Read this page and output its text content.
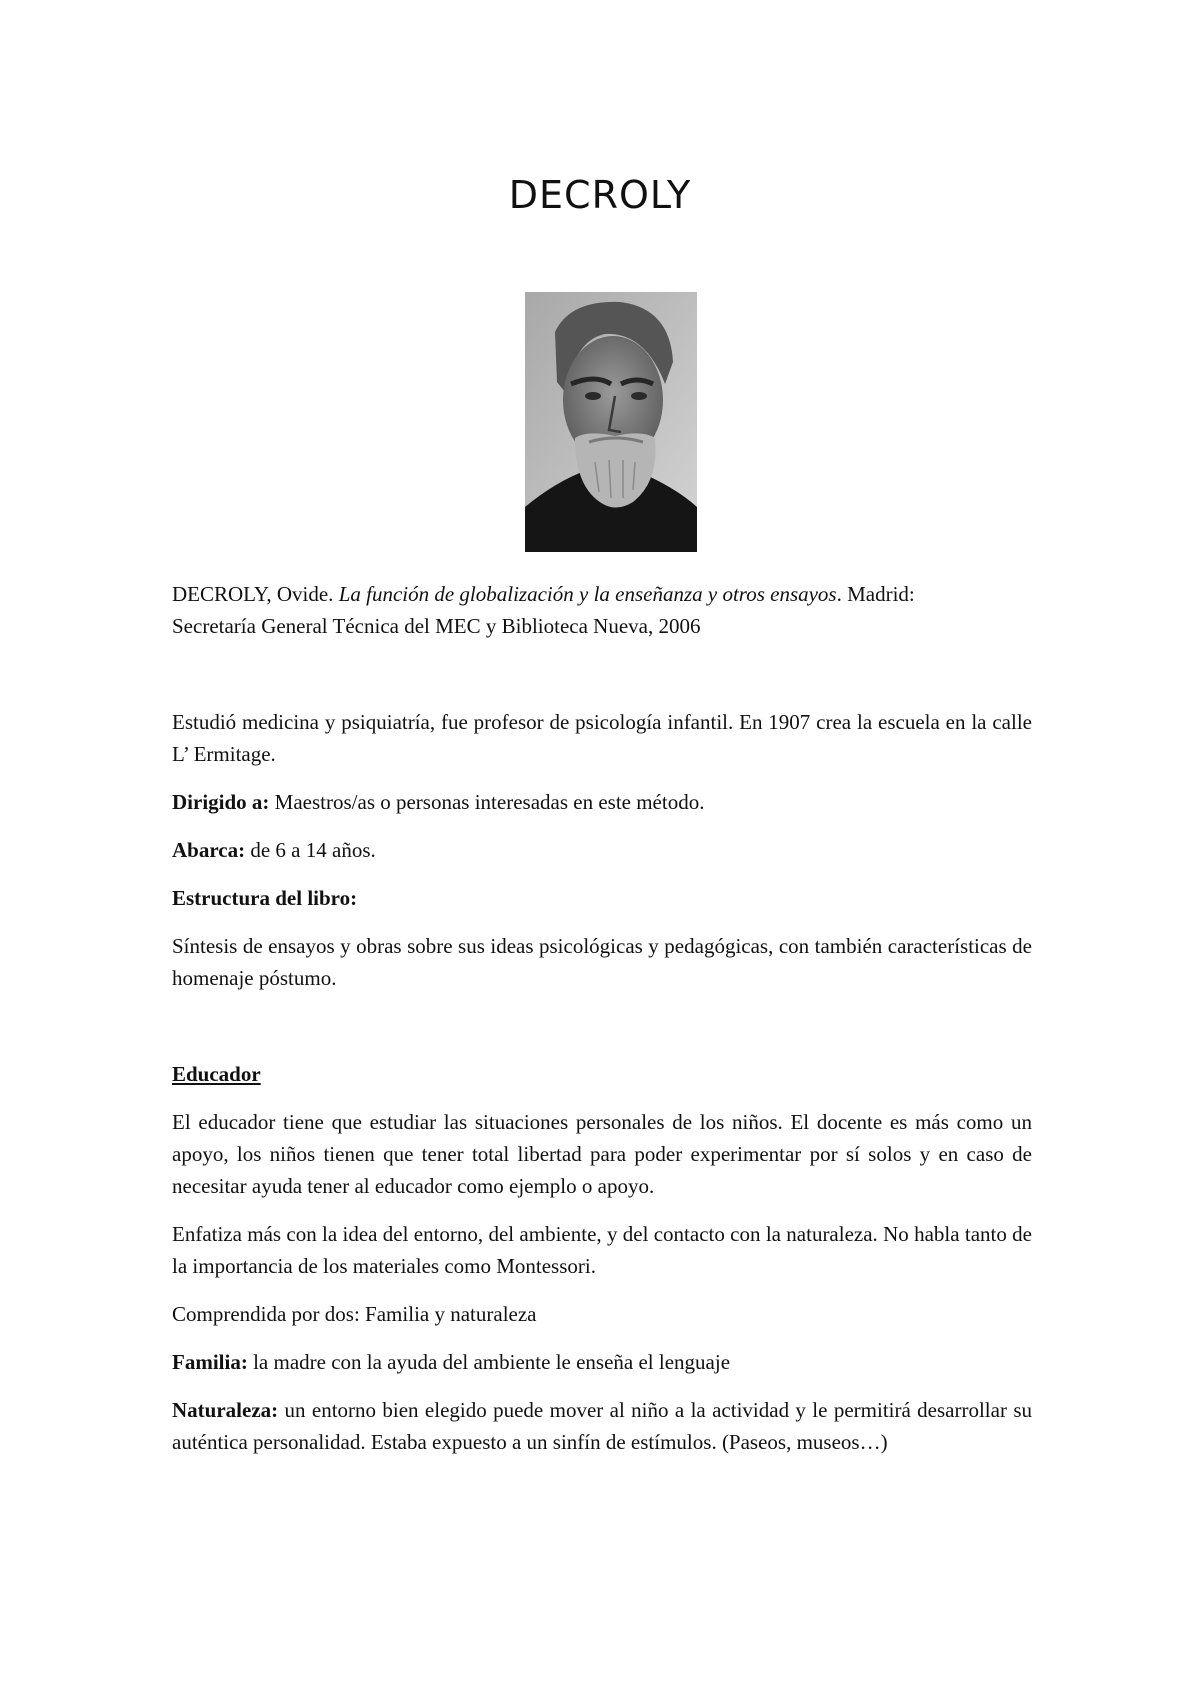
DECROLY

DECROLY, Ovide. La función de globalización y la enseñanza y otros ensayos. Madrid:
Secretaría General Técnica del MEC y Biblioteca Nueva, 2006

Estudió medicina y psiquiatría, fue profesor de psicología infantil. En 1907 crea la escuela en la calle L’ Ermitage.

Dirigido a: Maestros/as o personas interesadas en este método.

Abarca: de 6 a 14 años.

Estructura del libro:

Síntesis de ensayos y obras sobre sus ideas psicológicas y pedagógicas, con también características de homenaje póstumo.

Educador

El educador tiene que estudiar las situaciones personales de los niños. El docente es más como un apoyo, los niños tienen que tener total libertad para poder experimentar por sí solos y en caso de necesitar ayuda tener al educador como ejemplo o apoyo.

Enfatiza más con la idea del entorno, del ambiente, y del contacto con la naturaleza. No habla tanto de la importancia de los materiales como Montessori.

Comprendida por dos: Familia y naturaleza

Familia: la madre con la ayuda del ambiente le enseña el lenguaje

Naturaleza: un entorno bien elegido puede mover al niño a la actividad y le permitirá desarrollar su auténtica personalidad. Estaba expuesto a un sinfín de estímulos. (Paseos, museos…)
